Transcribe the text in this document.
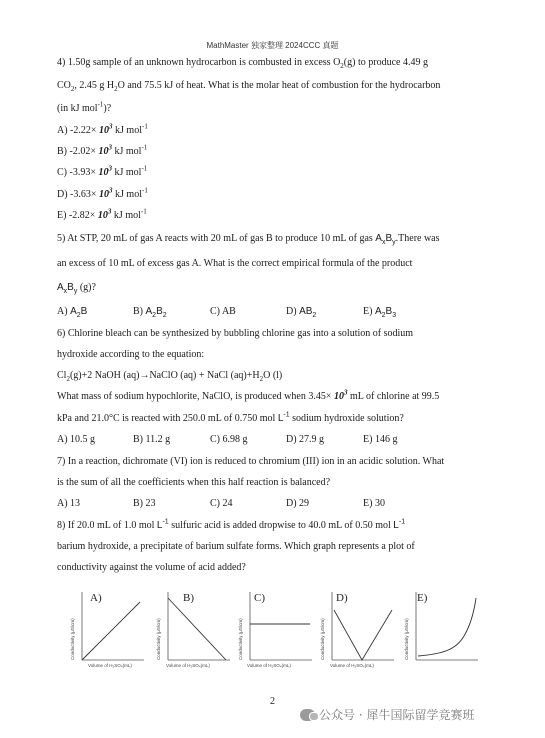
MathMaster 独家整理 2024CCC 真题
4) 1.50g sample of an unknown hydrocarbon is combusted in excess $O_2(g)$ to produce 4.49 g
$CO_2$, 2.45 g $H_2O$ and 75.5 kJ of heat. What is the molar heat of combustion for the hydrocarbon
(in kJ mol$^{-1}$)?
A) $-2.22\times 10^3$ kJ mol$^{-1}$
B) $-2.02\times 10^3$ kJ mol$^{-1}$
C) $-3.93\times 10^3$ kJ mol$^{-1}$
D) $-3.63\times 10^3$ kJ mol$^{-1}$
E) $-2.82\times 10^3$ kJ mol$^{-1}$
5) At STP, 20 mL of gas A reacts with 20 mL of gas B to produce 10 mL of gas $A_xB_y.There$ was
an excess of 10 mL of excess gas A. What is the correct empirical formula of the product
$A_xB_y$ (g)?
A) $A_2B$	B) $A_2B_2$	C) AB	D) $AB_2$	E) $A_2B_3$
6) Chlorine bleach can be synthesized by bubbling chlorine gas into a solution of sodium
hydroxide according to the equation:
$Cl_2(g)+2$ NaOH (aq)→NaClO (aq) + NaCl $(aq)+H_2O$ (l)
What mass of sodium hypochlorite, NaClO, is produced when $3.45\times 10^3$ mL of chlorine at 99.5
kPa and 21.0°C is reacted with 250.0 mL of 0.750 mol $L^{-1}$ sodium hydroxide solution?
A) 10.5 g	B) 11.2 g	C) 6.98 g	D) 27.9 g	E) 146 g
7) In a reaction, dichromate (VI) ion is reduced to chromium (III) ion in an acidic solution. What
is the sum of all the coefficients when this half reaction is balanced?
A) 13	B) 23	C) 24	D) 29	E) 30
8) If 20.0 mL of 1.0 mol $L^{-1}$ sulfuric acid is added dropwise to 40.0 mL of 0.50 mol $L^{-1}$
barium hydroxide, a precipitate of barium sulfate forms. Which graph represents a plot of
conductivity against the volume of acid added?
A)
Volume of H₂SO₄(mL)
Conductivity (μS/cm)
B)
Volume of H₂SO₄(mL)
Conductivity (μS/cm)
C)
Volume of H₂SO₄(mL)
Conductivity (μS/cm)
D)
Volume of H₂SO₄(mL)
Conductivity (μS/cm)
E)
Conductivity (μS/cm)
2
公众号 · 犀牛国际留学竞赛班
